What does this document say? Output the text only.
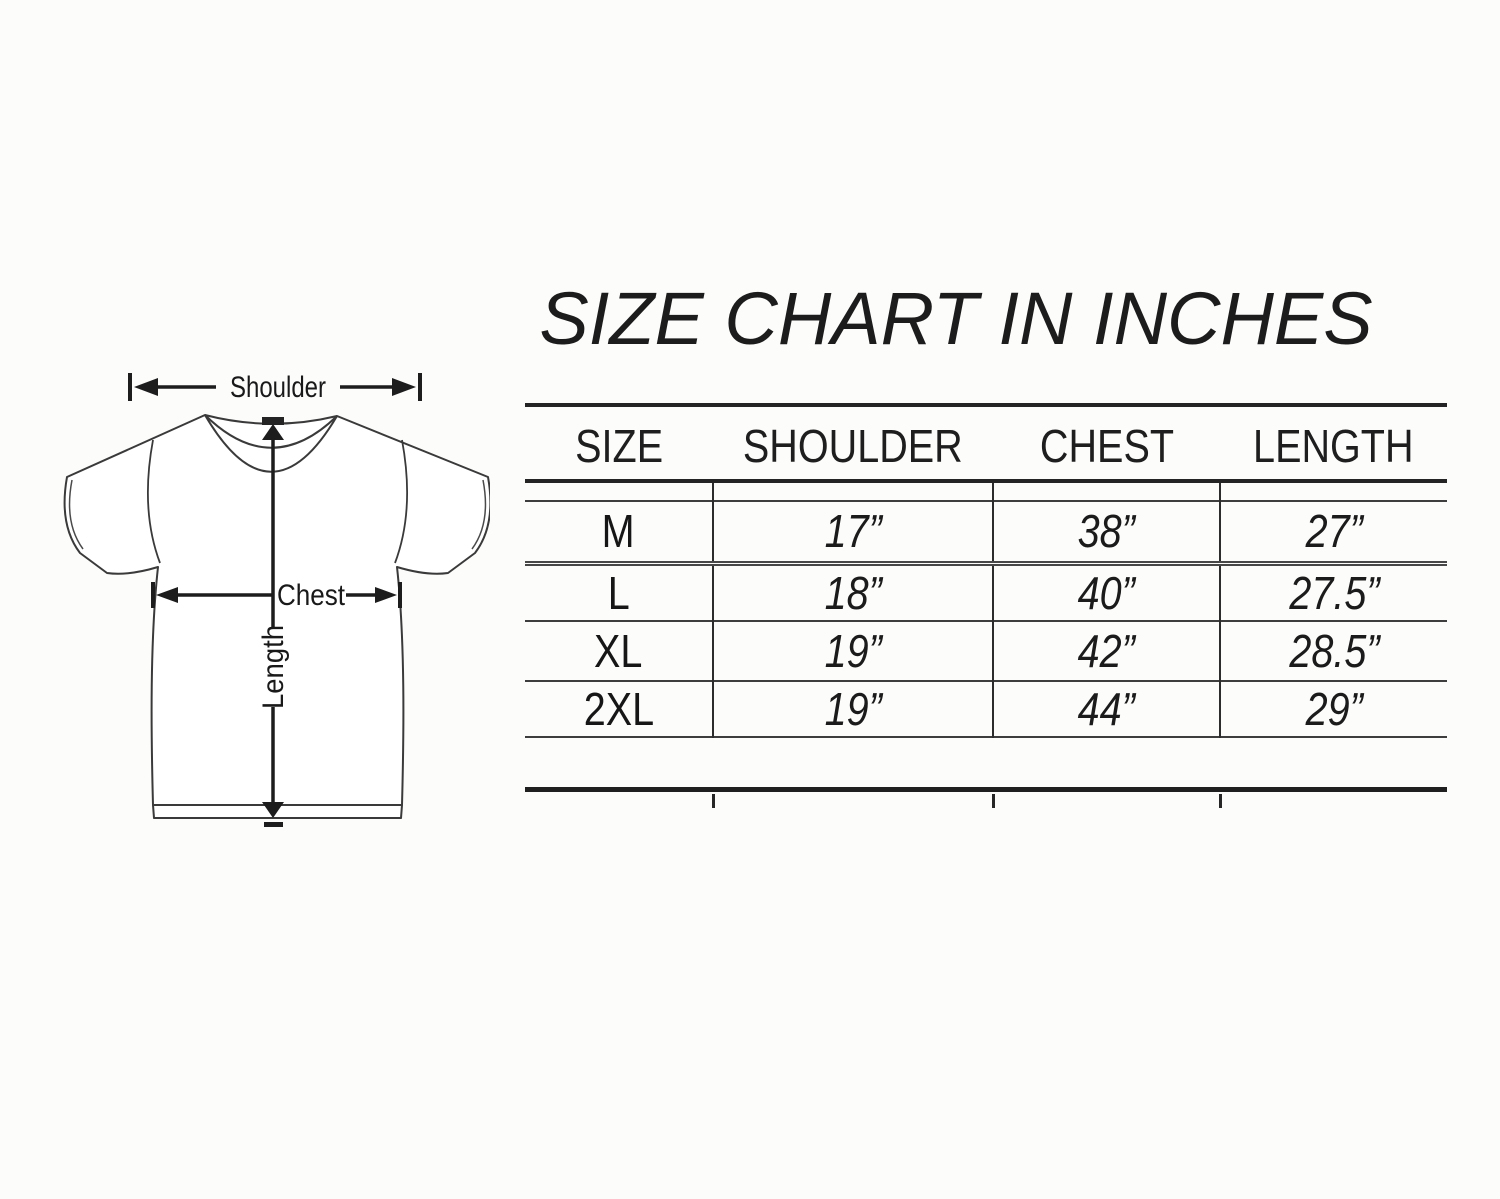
Shoulder
Chest
Length
SIZE CHART IN INCHES
SIZE	SHOULDER	CHEST	LENGTH

M	17”	38”	27”
L	18”	40”	27.5”
XL	19”	42”	28.5”
2XL	19”	44”	29”
